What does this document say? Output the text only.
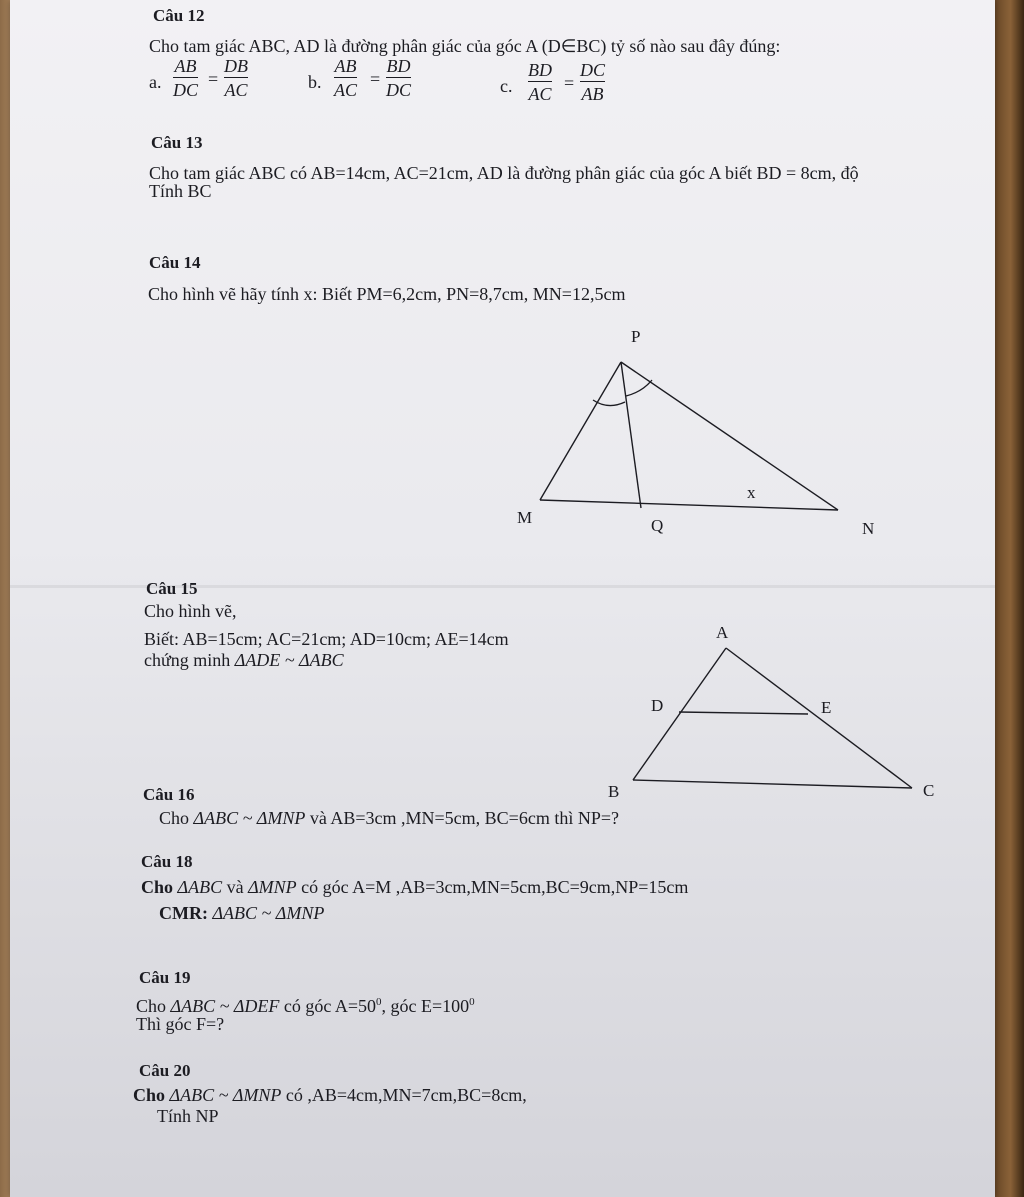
Câu 12
Cho tam giác ABC, AD là đường phân giác của góc A (D∈BC) tỷ số nào sau đây đúng:
a.
AB
DC
=
DB
AC	b.
AB
AC
=
BD
DC	c.
BD
AC
=
DC
AB
Câu 13
Cho tam giác ABC có AB=14cm, AC=21cm, AD là đường phân giác của góc A biết BD = 8cm, độ
Tính BC
Câu 14
Cho hình vẽ hãy tính x: Biết PM=6,2cm, PN=8,7cm, MN=12,5cm
P
M	Q	N
x
Câu 15
Cho hình vẽ,
Biết: AB=15cm; AC=21cm; AD=10cm; AE=14cm
chứng minh ΔADE ~ ΔABC
A
D	E
B	C
Câu 16
Cho ΔABC ~ ΔMNP và AB=3cm ,MN=5cm, BC=6cm thì NP=?
Câu 18
Cho ΔABC và ΔMNP có góc A=M ,AB=3cm,MN=5cm,BC=9cm,NP=15cm
CMR: ΔABC ~ ΔMNP
Câu 19
Cho ΔABC ~ ΔDEF có góc $A=50^0$, góc $E=100^0$
Thì góc F=?
Câu 20
Cho ΔABC ~ ΔMNP có ,AB=4cm,MN=7cm,BC=8cm,
Tính NP
